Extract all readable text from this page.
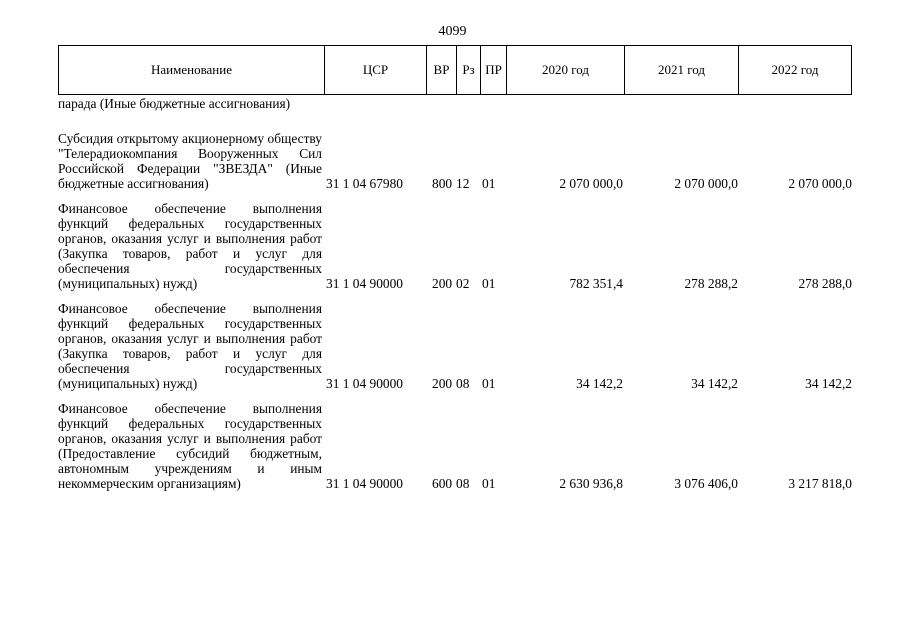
4099
Наименование	ЦСР	ВР Рз ПР	2020 год	2021 год	2022 год
парада (Иные бюджетные ассигнования)
Субсидия открытому акционерному обществу "Телерадиокомпания Вооруженных Сил Российской Федерации "ЗВЕЗДА" (Иные бюджетные ассигнования)	31 1 04 67980 800 12 01	2 070 000,0	2 070 000,0	2 070 000,0
Финансовое обеспечение выполнения функций федеральных государственных органов, оказания услуг и выполнения работ (Закупка товаров, работ и услуг для обеспечения государственных (муниципальных) нужд)	31 1 04 90000 200 02 01	782 351,4	278 288,2	278 288,0
Финансовое обеспечение выполнения функций федеральных государственных органов, оказания услуг и выполнения работ (Закупка товаров, работ и услуг для обеспечения государственных (муниципальных) нужд)	31 1 04 90000 200 08 01	34 142,2	34 142,2	34 142,2
Финансовое обеспечение выполнения функций федеральных государственных органов, оказания услуг и выполнения работ (Предоставление субсидий бюджетным, автономным учреждениям и иным некоммерческим организациям)	31 1 04 90000 600 08 01	2 630 936,8	3 076 406,0	3 217 818,0
